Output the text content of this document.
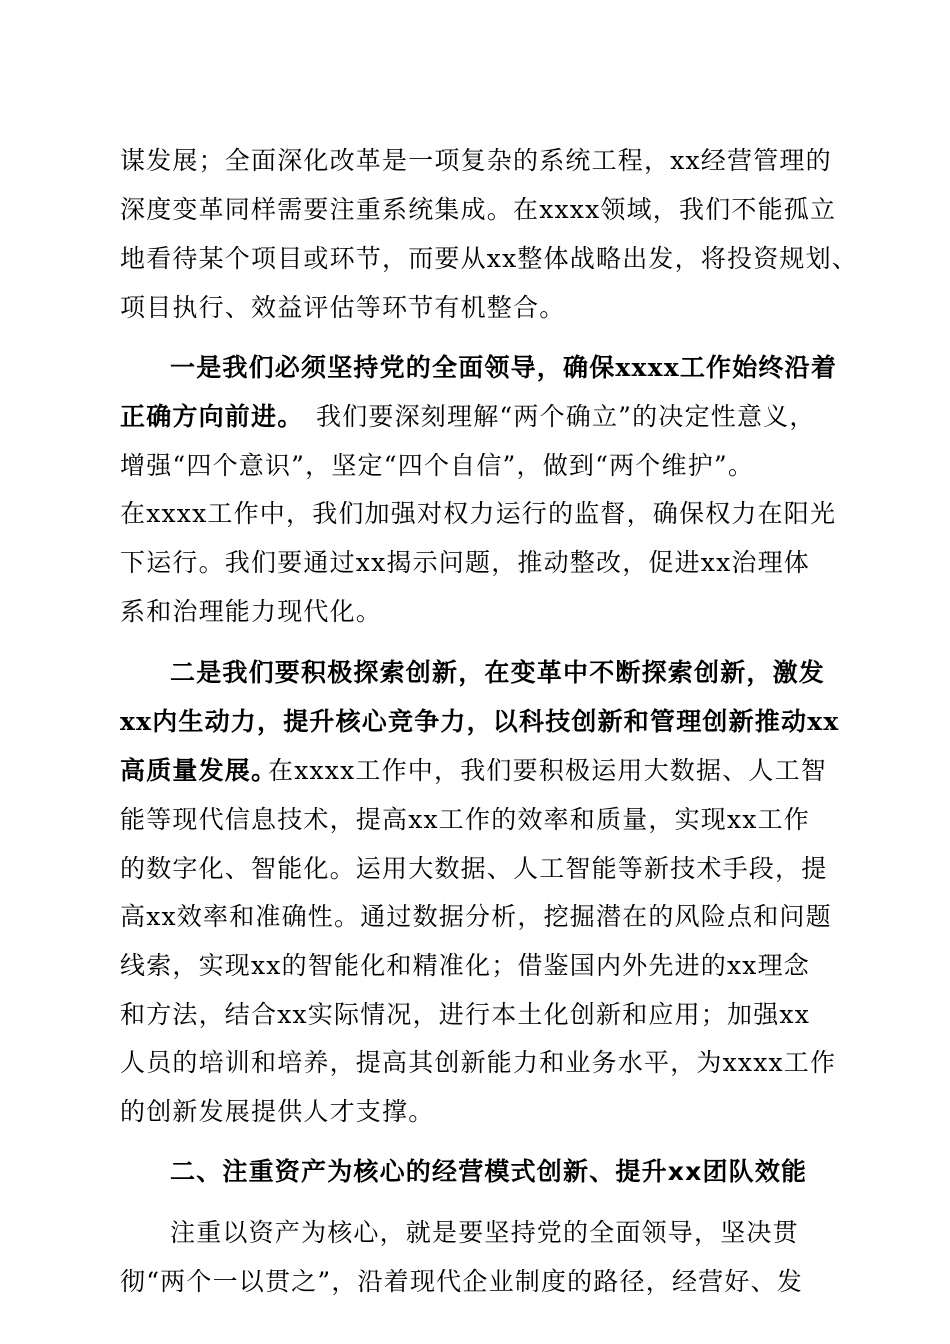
谋发展；全面深化改革是一项复杂的系统工程，xx经营管理的

深度变革同样需要注重系统集成。在xxxx领域，我们不能孤立

地看待某个项目或环节，而要从xx整体战略出发，将投资规划、

项目执行、效益评估等环节有机整合。

一是我们必须坚持党的全面领导，确保xxxx工作始终沿着

正确方向前进。 我们要深刻理解“两个确立”的决定性意义，

增强“四个意识”，坚定“四个自信”，做到“两个维护”。

在xxxx工作中，我们加强对权力运行的监督，确保权力在阳光

下运行。我们要通过xx揭示问题，推动整改，促进xx治理体

系和治理能力现代化。

二是我们要积极探索创新，在变革中不断探索创新，激发

xx内生动力，提升核心竞争力，以科技创新和管理创新推动xx

高质量发展。

在xxxx工作中，我们要积极运用大数据、人工智

能等现代信息技术，提高xx工作的效率和质量，实现xx工作

的数字化、智能化。运用大数据、人工智能等新技术手段，提

高xx效率和准确性。通过数据分析，挖掘潜在的风险点和问题

线索，实现xx的智能化和精准化；借鉴国内外先进的xx理念

和方法，结合xx实际情况，进行本土化创新和应用；加强xx

人员的培训和培养，提高其创新能力和业务水平，为xxxx工作

的创新发展提供人才支撑。

二、注重资产为核心的经营模式创新、提升xx团队效能

注重以资产为核心，就是要坚持党的全面领导，坚决贯

彻“两个一以贯之”，沿着现代企业制度的路径，经营好、发
